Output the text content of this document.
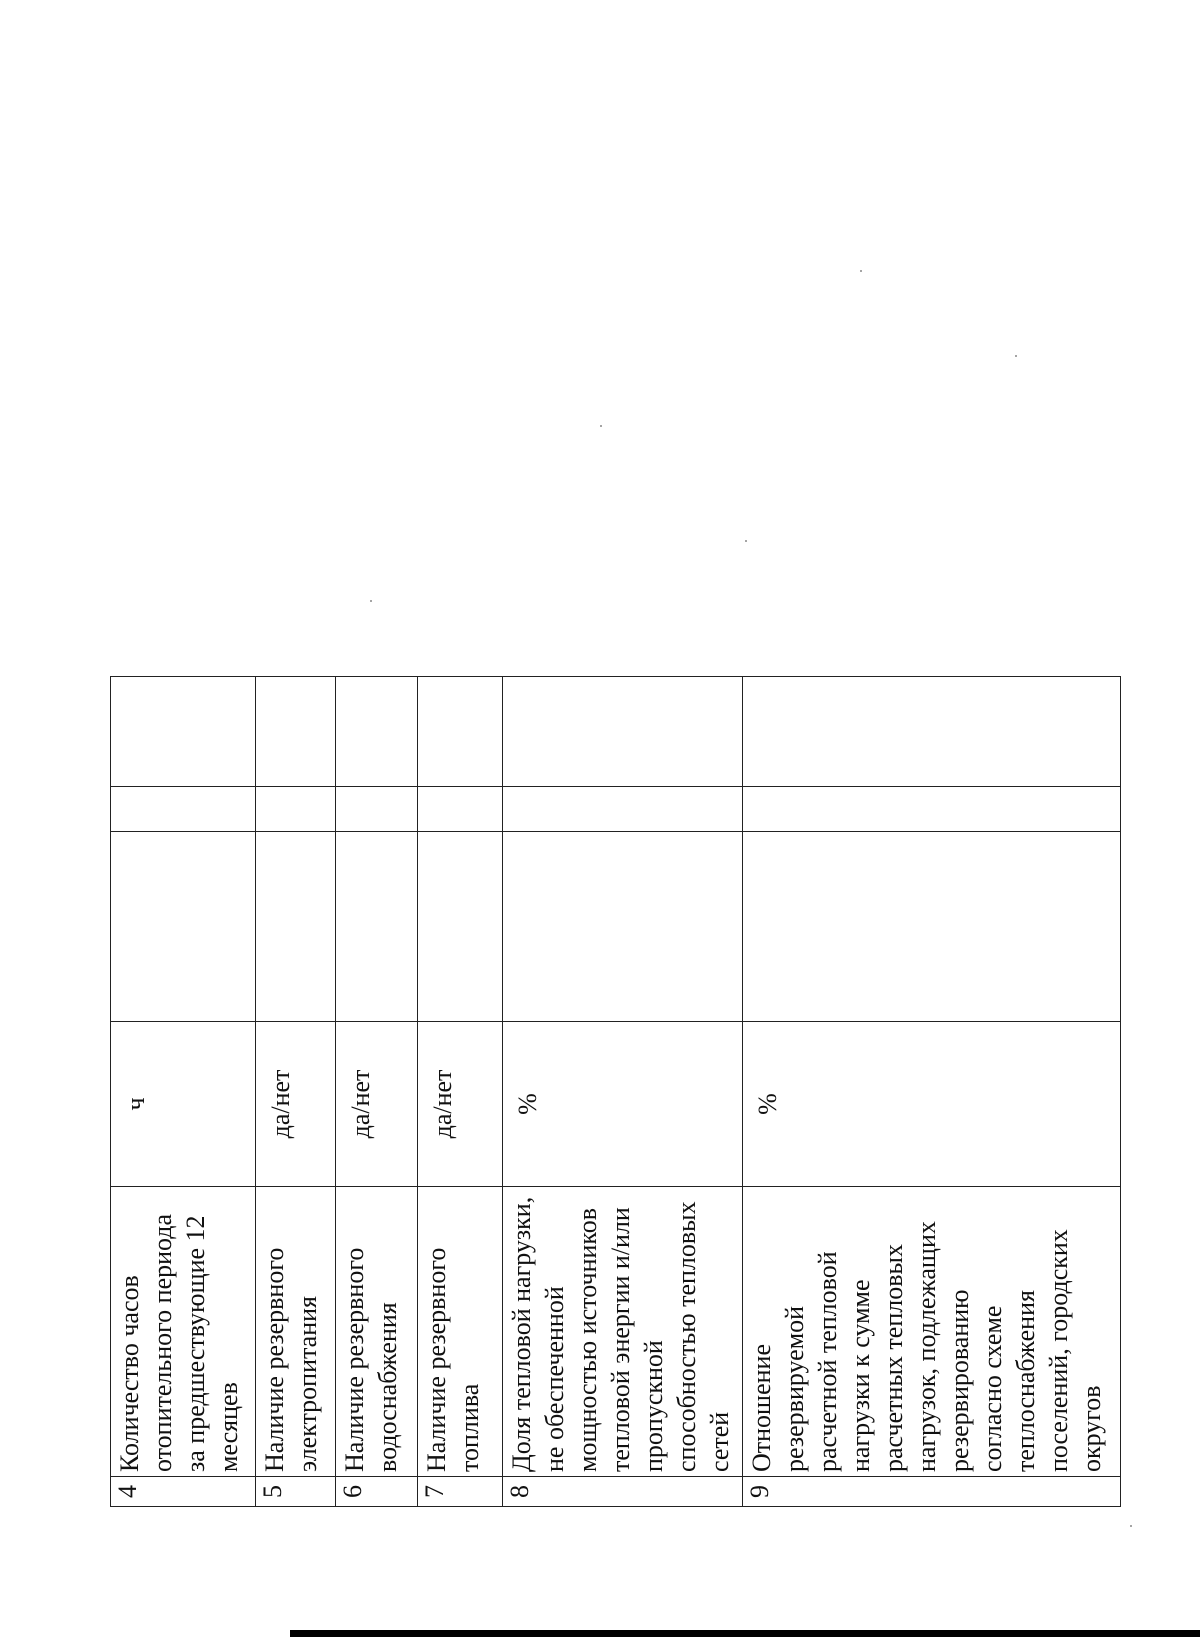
4	Количество часов отопительного периода за предшествующие 12 месяцев	ч			
5	Наличие резервного электропитания	да/нет			
6	Наличие резервного водоснабжения	да/нет			
7	Наличие резервного топлива	да/нет			
8	Доля тепловой нагрузки, не обеспеченной мощностью источников тепловой энергии и/или пропускной способностью тепловых сетей	%			
9	Отношение резервируемой расчетной тепловой нагрузки к сумме расчетных тепловых нагрузок, подлежащих резервированию согласно схеме теплоснабжения поселений, городских округов	%			
